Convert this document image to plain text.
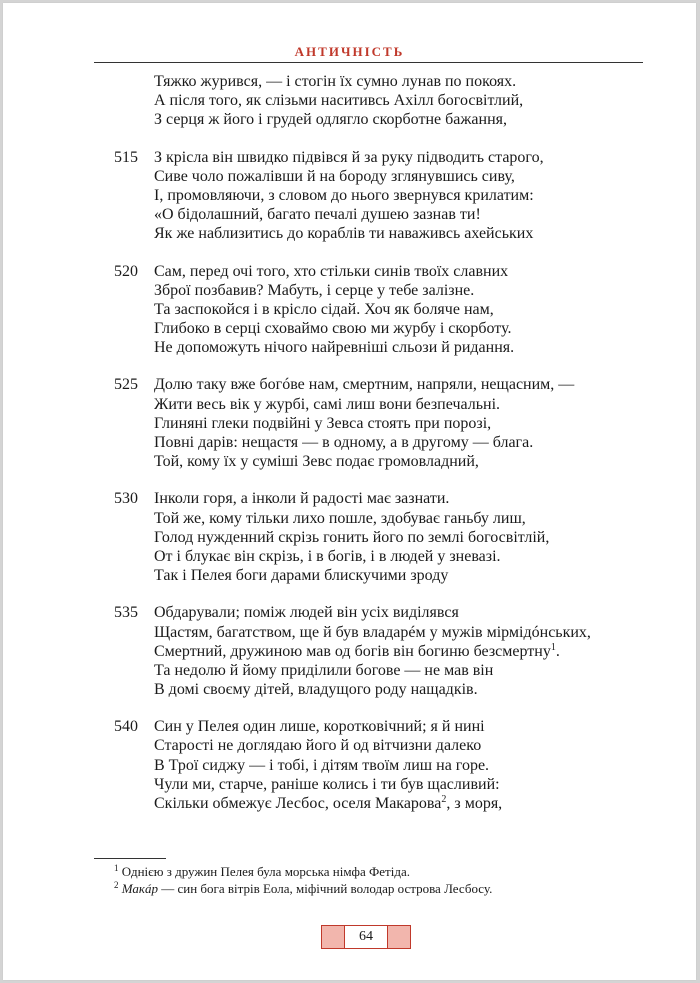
АНТИЧНІСТЬ
Тяжко журився, — і стогін їх сумно лунав по покоях.
А після того, як слізьми наситивсь Ахілл богосвітлий,
З серця ж його і грудей одлягло скорботне бажання,
515 З крісла він швидко підвівся й за руку підводить старого,
Сиве чоло пожалівши й на бороду зглянувшись сиву,
І, промовляючи, з словом до нього звернувся крилатим:
«О бідолашний, багато печалі душею зазнав ти!
Як же наблизитись до кораблів ти наваживсь ахейських
520 Сам, перед очі того, хто стільки синів твоїх славних
Зброї позбавив? Мабуть, і серце у тебе залізне.
Та заспокойся і в крісло сідай. Хоч як боляче нам,
Глибоко в серці сховаймо свою ми журбу і скорботу.
Не допоможуть нічого найревніші сльози й ридання.
525 Долю таку вже богóве нам, смертним, напряли, нещасним, —
Жити весь вік у журбі, самі лиш вони безпечальні.
Глиняні глеки подвійні у Зевса стоять при порозі,
Повні дарів: нещастя — в одному, а в другому — блага.
Той, кому їх у суміші Зевс подає громовладний,
530 Інколи горя, а інколи й радості має зазнати.
Той же, кому тільки лихо пошле, здобуває ганьбу лиш,
Голод нужденний скрізь гонить його по землі богосвітлій,
От і блукає він скрізь, і в богів, і в людей у зневазі.
Так і Пелея боги дарами блискучими зроду
535 Обдарували; поміж людей він усіх виділявся
Щастям, багатством, ще й був владарéм у мужів мірмідóнських,
Смертний, дружиною мав од богів він богиню безсмертну$^1$.
Та недолю й йому приділили богове — не мав він
В домі своєму дітей, владущого роду нащадків.
540 Син у Пелея один лише, коротковічний; я й нині
Старості не доглядаю його й од вітчизни далеко
В Трої сиджу — і тобі, і дітям твоїм лиш на горе.
Чули ми, старче, раніше колись і ти був щасливий:
Скільки обмежує Лесбос, оселя Макарова$^2$, з моря,
$^1$ Однією з дружин Пелея була морська німфа Фетіда.
$^2$ Макáр — син бога вітрів Еола, міфічний володар острова Лесбосу.
64
